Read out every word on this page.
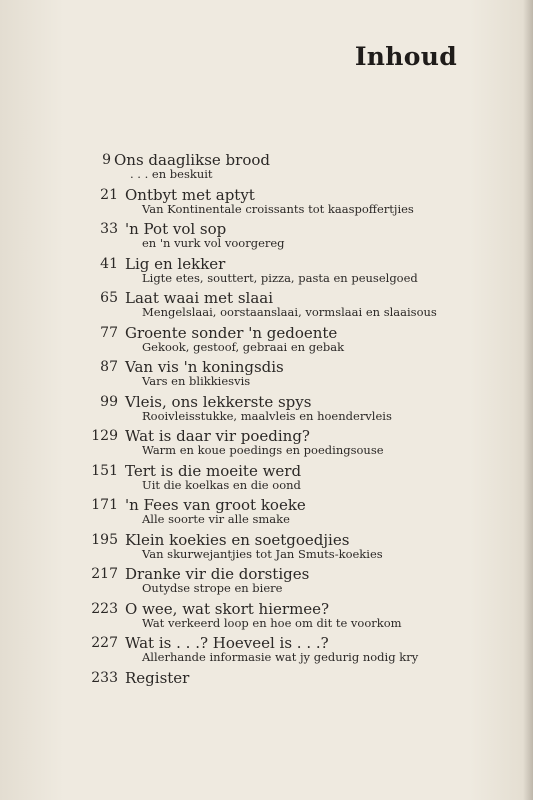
Inhoud
9 Ons daaglikse brood
. . . en beskuit
21 Ontbyt met aptyt
Van Kontinentale croissants tot kaaspoffertjies
33 'n Pot vol sop
en 'n vurk vol voorgereg
41 Lig en lekker
Ligte etes, souttert, pizza, pasta en peuselgoed
65 Laat waai met slaai
Mengelslaai, oorstaanslaai, vormslaai en slaaisous
77 Groente sonder 'n gedoente
Gekook, gestoof, gebraai en gebak
87 Van vis 'n koningsdis
Vars en blikkiesvis
99 Vleis, ons lekkerste spys
Rooivleisstukke, maalvleis en hoendervleis
129 Wat is daar vir poeding?
Warm en koue poedings en poedingsouse
151 Tert is die moeite werd
Uit die koelkas en die oond
171 'n Fees van groot koeke
Alle soorte vir alle smake
195 Klein koekies en soetgoedjies
Van skurwejantjies tot Jan Smuts-koekies
217 Dranke vir die dorstiges
Outydse strope en biere
223 O wee, wat skort hiermee?
Wat verkeerd loop en hoe om dit te voorkom
227 Wat is . . .? Hoeveel is . . .?
Allerhande informasie wat jy gedurig nodig kry
233 Register
